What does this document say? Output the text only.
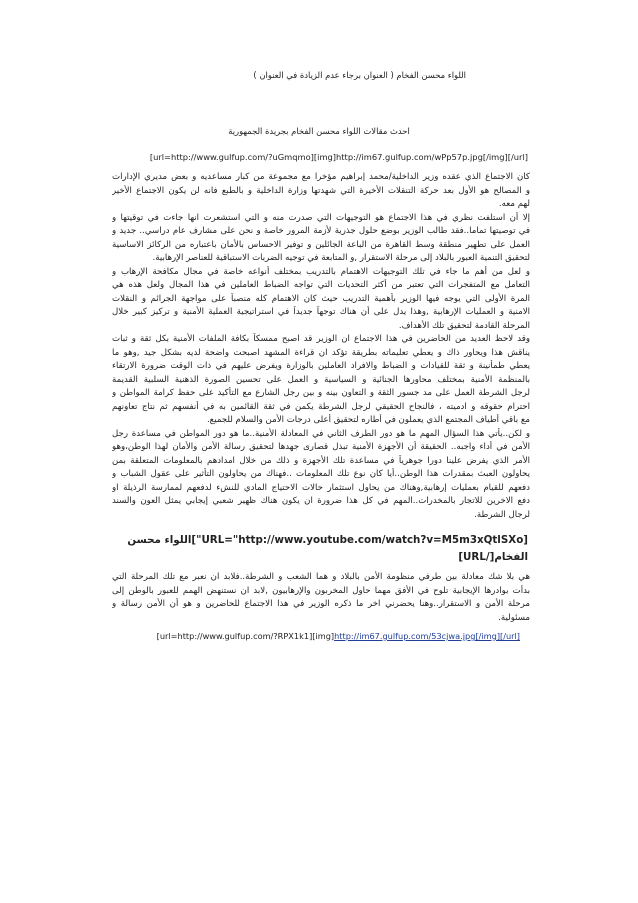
اللواء محسن الفخام ( العنوان برجاء عدم الزيادة في العنوان )
احدث مقالات اللواء محسن الفخام بجريدة الجمهورية
[url=http://www.gulfup.com/?uGmqmo][img]http://im67.gulfup.com/wPp57p.jpg[/img][/url]
كان الاجتماع الذي عقده وزير الداخلية/محمد إبراهيم مؤخرا مع مجموعة من كبار مساعديه و بعض مديري الإدارات
و المصالح هو الأول بعد حركة التنقلات الأخيرة التي شهدتها وزارة الداخلية و بالطبع فانه لن يكون الاجتماع الأخير
لهم معه.
إلا أن استلفت نظري في هذا الاجتماع هو التوجيهات التي صدرت منه و التي استشعرت انها جاءت في توقيتها و
في توصيتها تماما..فقد طالب الوزير بوضع حلول جذرية لأزمة المرور خاصة و نحن على مشارف عام دراسي.. جديد و
العمل على تطهير منطقة وسط القاهرة من الباعة الجائلين و توفير الاحساس بالأمان باعتباره من الركائز الاساسية
لتحقيق التنمية العبور بالبلاد إلى مرحلة الاستقرار ,و المتابعة في توجيه الضربات الاستباقية للعناصر الإرهابية.
و لعل من أهم ما جاء في تلك التوجيهات الاهتمام بالتدريب بمختلف أنواعه خاصة في مجال مكافحة الإرهاب و
التعامل مع المتفجرات التي تعتبر من أكثر التحديات التي تواجه الضباط العاملين في هذا المجال ولعل هذه هي
المرة الأولى التي يوجه فيها الوزير بأهمية التدريب حيث كان الاهتمام كله منصباً على مواجهة الجرائم و النقلات
الامنية و العمليات الإرهابية ,وهذا يدل على أن هناك توجهاً جديداً في استراتيجية العملية الأمنية و تركيز كبير خلال
المرحلة القادمة لتحقيق تلك الأهداف.
وقد لاحظ العديد من الحاضرين في هذا الاجتماع ان الوزير قد اصبح ممسكاً بكافة الملفات الأمنية بكل ثقة و ثبات
يناقش هذا ويحاور ذاك و يعطي تعليماته بطريقة تؤكد ان قراءة المشهد اصبحت واضحة لديه بشكل جيد ,وهو ما
يعطي طمأنينة و ثقة للقيادات و الضباط والافراد العاملين بالوزارة ويفرض عليهم في ذات الوقت ضرورة الارتقاء
بالمنظمة الأمنية بمختلف محاورها الجنائية و السياسية و العمل على تحسين الصورة الذهنية السلبية القديمة
لرجل الشرطة العمل على مد جسور الثقة و التعاون بينه و بين رجل الشارع مع التأكيد على حفظ كرامة المواطن و
احترام حقوقه و ادميته ، فالنجاح الحقيقي لرجل الشرطة يكمن في ثقة القائمين به في أنفسهم ثم نتاج تعاونهم
مع باقي أطياف المجتمع الذي يعملون في أطاره لتحقيق أعلى درجات الأمن والسلام للجميع.
و لكن..يأتي هذا السؤال المهم ما هو دور الطرف الثاني في المعادلة الأمنية..ما هو دور المواطن في مساعدة رجل
الأمن في أداء واجبه.. الحقيقة أن الأجهزة الأمنية تبذل قصارى جهدها لتحقيق رسالة الأمن والأمان لهذا الوطن،وهو
الأمر الذي يفرض علينا دورا جوهرياً في مساعدة تلك الأجهزة و ذلك من خلال امدادهم بالمعلومات المتعلقة بمن
يحاولون العبث بمقدرات هذا الوطن..أيا كان نوع تلك المعلومات ..فهناك من يحاولون التأثير على عقول الشباب و
دفعهم للقيام بعمليات إرهابية,وهناك من يحاول استثمار حالات الاحتياج المادي للنشء لدفعهم لممارسة الرذيلة او
دفع الاخرين للاتجار بالمخدرات..المهم في كل هذا ضرورة ان يكون هناك ظهير شعبي إيجابي يمثل العون والسند
لرجال الشرطة.
[URL="http://www.youtube.com/watch?v=M5m3xQtlSXo"]اللواء محسن
الفخام[/URL]
هي بلا شك معادلة بين طرفي منظومة الأمن بالبلاد و هما الشعب و الشرطة..فلابد ان نعبر مع تلك المرحلة التي
بدأت بوادرها الإيجابية تلوح في الأفق مهما حاول المخربون والإرهابيون ,لابد ان نستنهض الهمم للعبور بالوطن إلى
مرحلة الأمن و الاستقرار..وهنا يحضرني اخر ما ذكره الوزير في هذا الاجتماع للحاضرين و هو أن الأمن رسالة و
مسئولية.
[url=http://www.gulfup.com/?RPX1k1][img]http://im67.gulfup.com/53cjwa.jpg[/img][/url]
